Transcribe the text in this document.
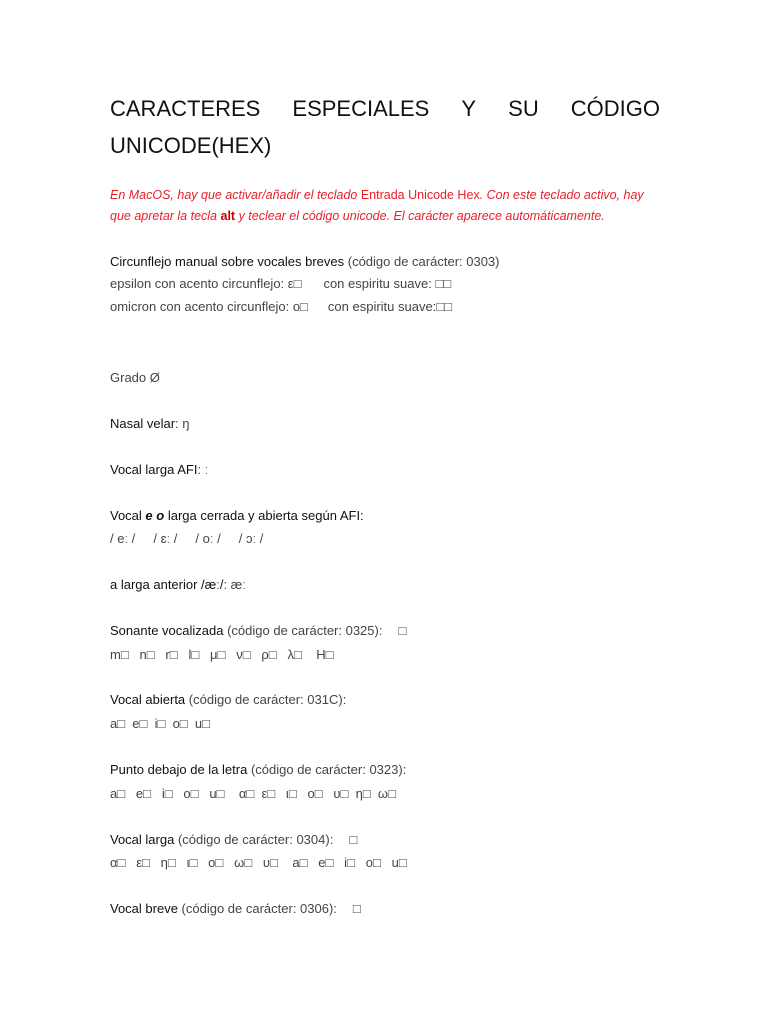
CARACTERES ESPECIALES Y SU CÓDIGO
UNICODE(HEX)
En MacOS, hay que activar/añadir el teclado Entrada Unicode Hex. Con este teclado activo, hay
que apretar la tecla alt y teclear el código unicode. El carácter aparece automáticamente.
Circunflejo manual sobre vocales breves (código de carácter: 0303)
epsilon con acento circunflejo: ε□ con espiritu suave: □□
omicron con acento circunflejo: ο□ con espiritu suave:□□
Grado Ø
Nasal velar: ŋ
Vocal larga AFI: ː
Vocal e o larga cerrada y abierta según AFI:
/ eː /     / ɛː /     / oː /     / ɔː /
a larga anterior /æː/: æː
Sonante vocalizada (código de carácter: 0325): □
m□   n□   r□   l□   μ□   ν□   ρ□   λ□    H□
Vocal abierta (código de carácter: 031C):
a□  e□  i□  o□  u□
Punto debajo de la letra (código de carácter: 0323):
a□   e□   i□   o□   u□    α□  ε□   ι□   ο□   υ□  η□  ω□
Vocal larga (código de carácter: 0304): □
α□   ε□   η□   ι□   ο□   ω□   υ□    a□   e□   i□   o□   u□
Vocal breve (código de carácter: 0306): □
